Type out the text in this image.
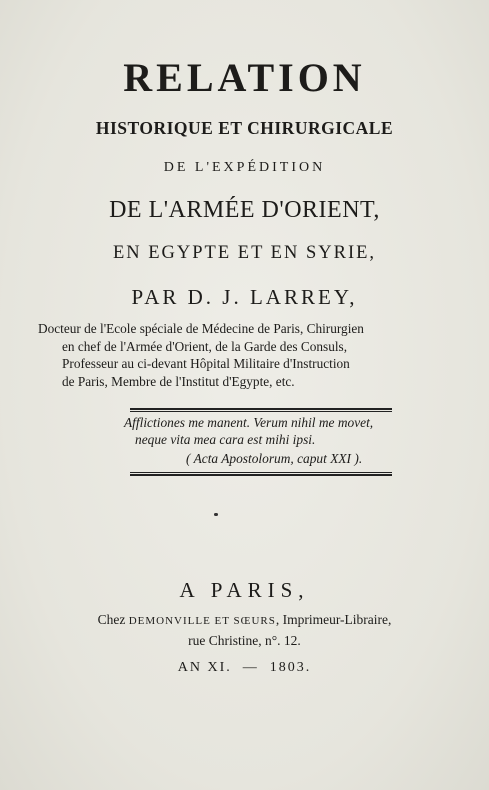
RELATION
HISTORIQUE ET CHIRURGICALE
DE L'EXPÉDITION
DE L'ARMÉE D'ORIENT,
EN EGYPTE ET EN SYRIE,
PAR D. J. LARREY,
Docteur de l'Ecole spéciale de Médecine de Paris, Chirurgien
en chef de l'Armée d'Orient, de la Garde des Consuls,
Professeur au ci-devant Hôpital Militaire d'Instruction
de Paris, Membre de l'Institut d'Egypte, etc.
Afflictiones me manent. Verum nihil me movet,
neque vita mea cara est mihi ipsi.
( Acta Apostolorum, caput XXI ).
A PARIS,
Chez DEMONVILLE ET SŒURS, Imprimeur-Libraire,
rue Christine, n°. 12.
AN XI. — 1803.
